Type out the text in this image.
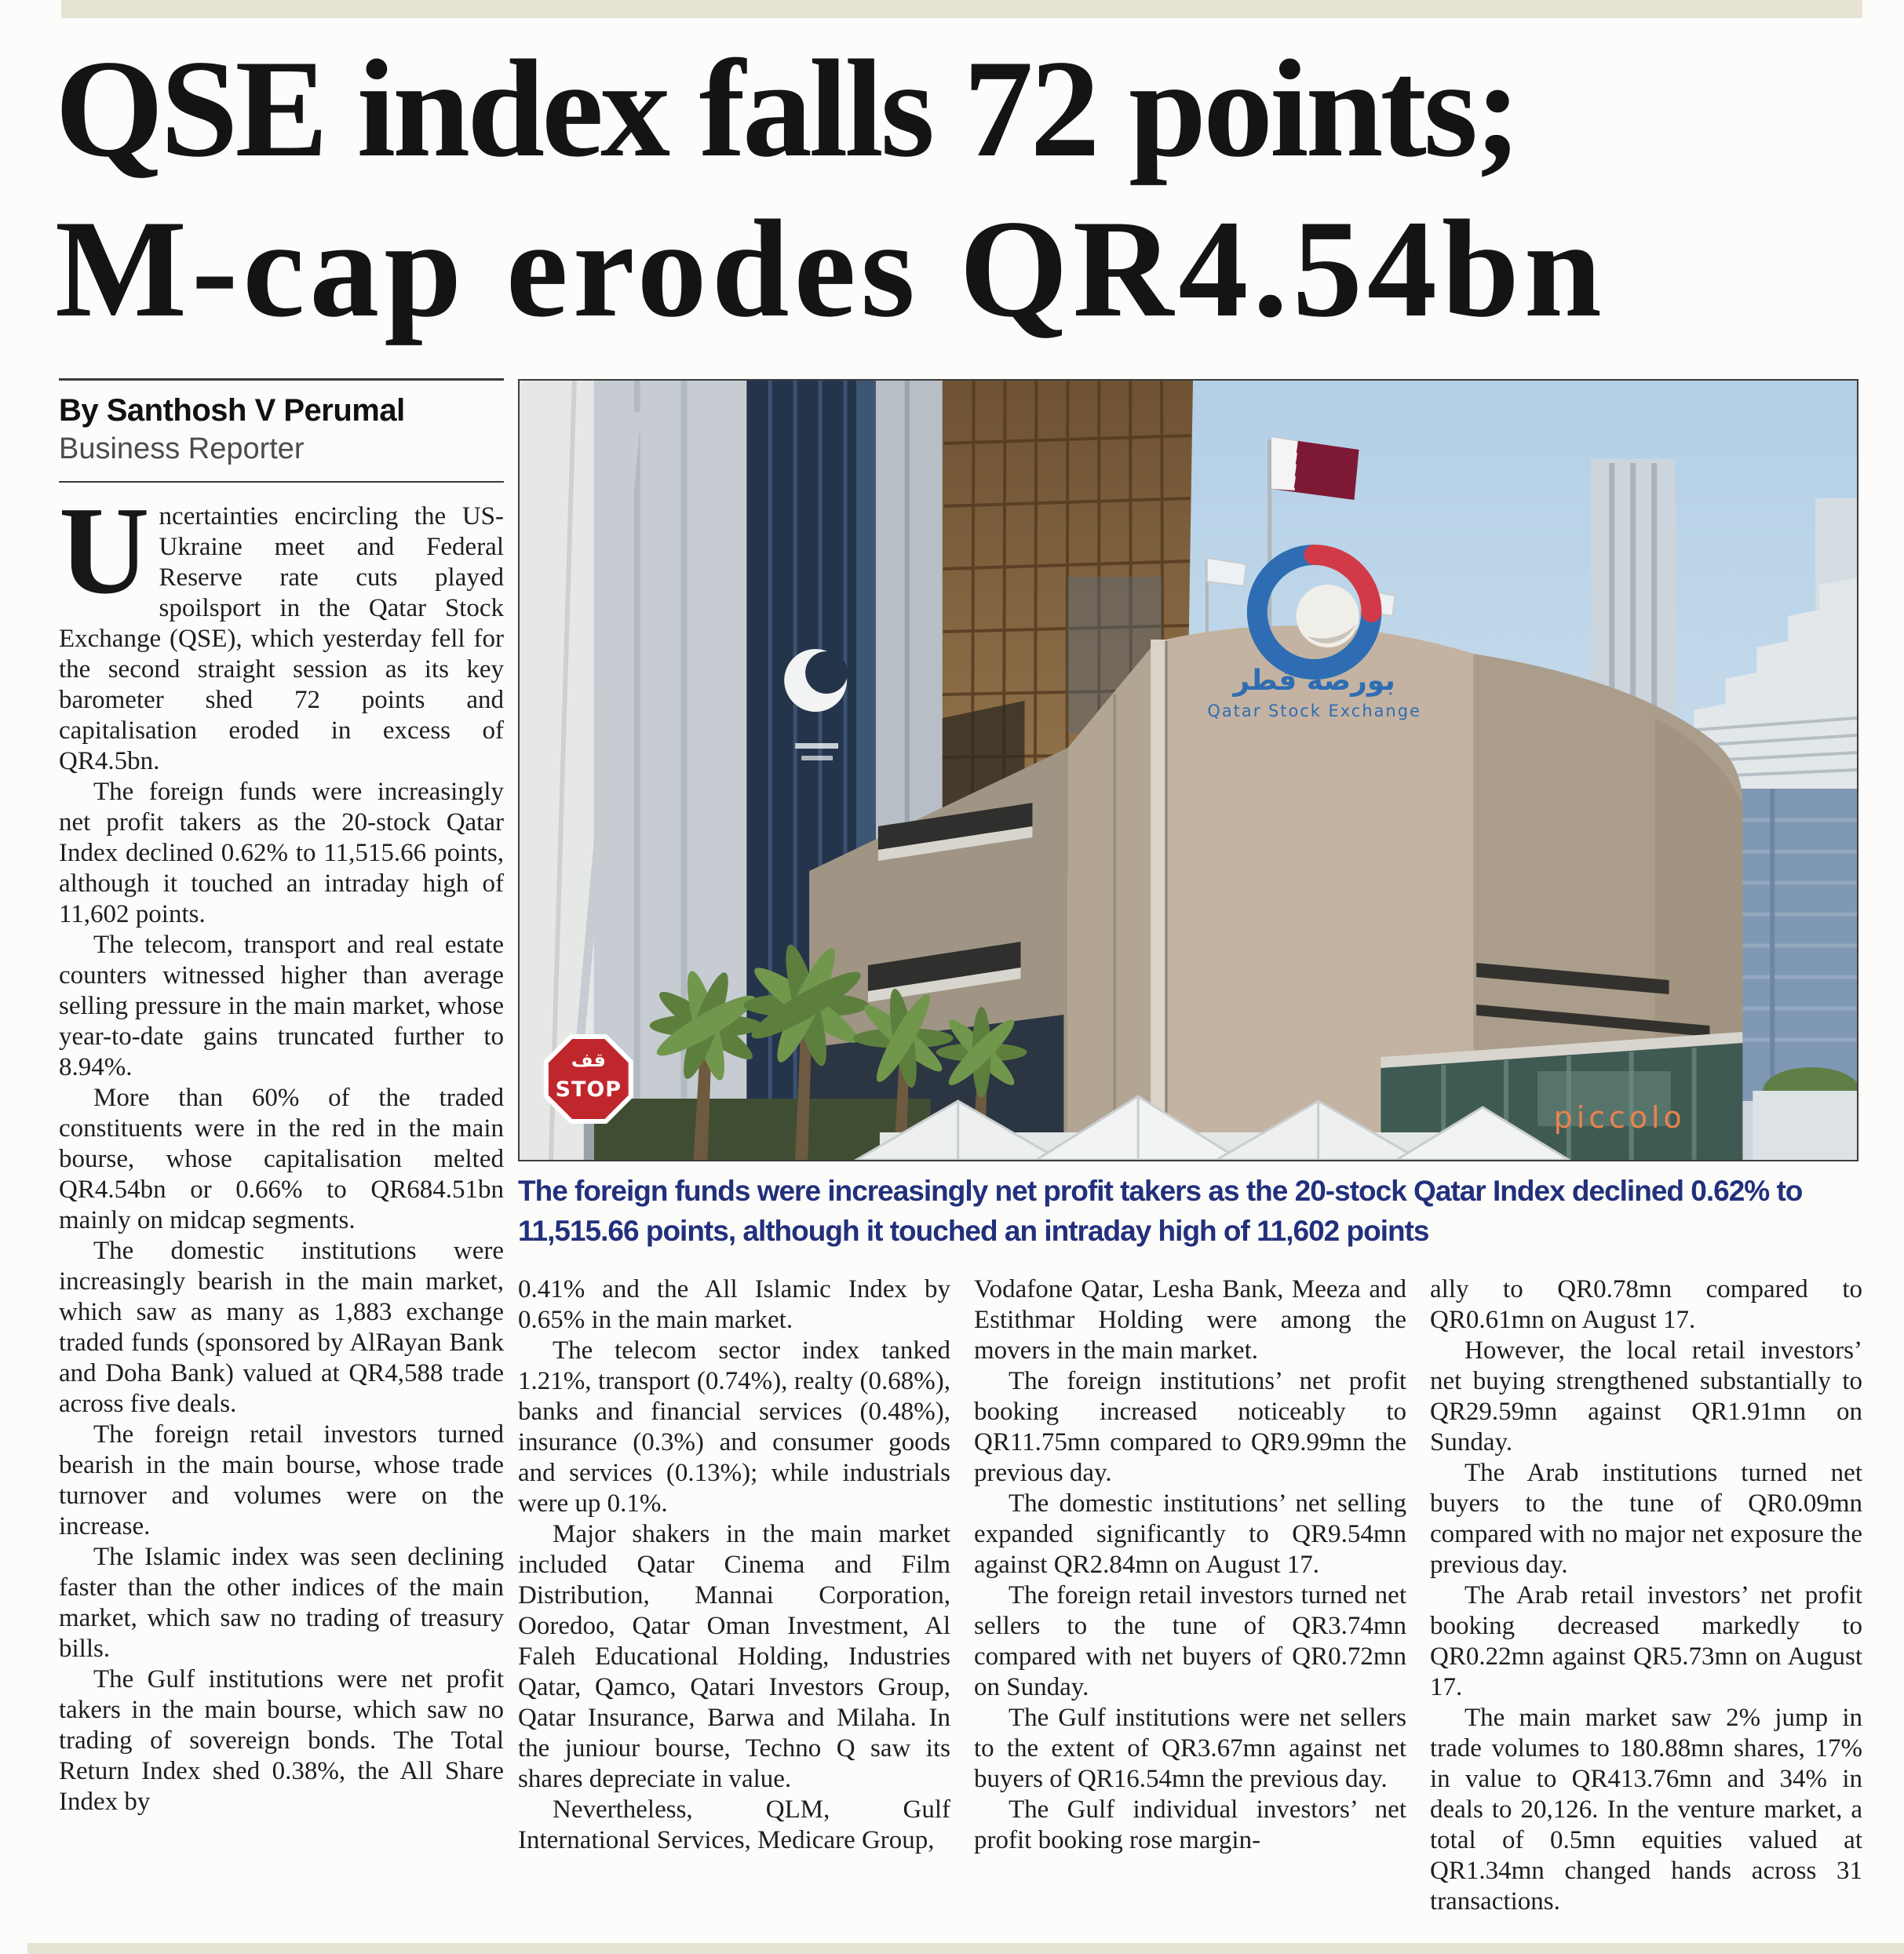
QSE index falls 72 points;
M-cap erodes QR4.54bn
By Santhosh V Perumal
Business Reporter

Uncertainties encircling the US-Ukraine meet and Federal Reserve rate cuts played spoilsport in the Qatar Stock Exchange (QSE), which yesterday fell for the second straight session as its key barometer shed 72 points and capitalisation eroded in excess of QR4.5bn.

The foreign funds were increasingly net profit takers as the 20-stock Qatar Index declined 0.62% to 11,515.66 points, although it touched an intraday high of 11,602 points.

The telecom, transport and real estate counters witnessed higher than average selling pressure in the main market, whose year-to-date gains truncated further to 8.94%.

More than 60% of the traded constituents were in the red in the main bourse, whose capitalisation melted QR4.54bn or 0.66% to QR684.51bn mainly on midcap segments.

The domestic institutions were increasingly bearish in the main market, which saw as many as 1,883 exchange traded funds (sponsored by AlRayan Bank and Doha Bank) valued at QR4,588 trade across five deals.

The foreign retail investors turned bearish in the main bourse, whose trade turnover and volumes were on the increase.

The Islamic index was seen declining faster than the other indices of the main market, which saw no trading of treasury bills.

The Gulf institutions were net profit takers in the main bourse, which saw no trading of sovereign bonds. The Total Return Index shed 0.38%, the All Share Index by

بورصة قطر
Qatar Stock Exchange
piccolo
قف
STOP
The foreign funds were increasingly net profit takers as the 20-stock Qatar Index declined 0.62% to 11,515.66 points, although it touched an intraday high of 11,602 points

0.41% and the All Islamic Index by 0.65% in the main market.

The telecom sector index tanked 1.21%, transport (0.74%), realty (0.68%), banks and financial services (0.48%), insurance (0.3%) and consumer goods and services (0.13%); while industrials were up 0.1%.

Major shakers in the main market included Qatar Cinema and Film Distribution, Mannai Corporation, Ooredoo, Qatar Oman Investment, Al Faleh Educational Holding, Industries Qatar, Qamco, Qatari Investors Group, Qatar Insurance, Barwa and Milaha. In the juniour bourse, Techno Q saw its shares depreciate in value.

Nevertheless, QLM, Gulf International Services, Medicare Group,

Vodafone Qatar, Lesha Bank, Meeza and Estithmar Holding were among the movers in the main market.

The foreign institutions’ net profit booking increased noticeably to QR11.75mn compared to QR9.99mn the previous day.

The domestic institutions’ net selling expanded significantly to QR9.54mn against QR2.84mn on August 17.

The foreign retail investors turned net sellers to the tune of QR3.74mn compared with net buyers of QR0.72mn on Sunday.

The Gulf institutions were net sellers to the extent of QR3.67mn against net buyers of QR16.54mn the previous day.

The Gulf individual investors’ net profit booking rose margin-

ally to QR0.78mn compared to QR0.61mn on August 17.

However, the local retail investors’ net buying strengthened substantially to QR29.59mn against QR1.91mn on Sunday.

The Arab institutions turned net buyers to the tune of QR0.09mn compared with no major net exposure the previous day.

The Arab retail investors’ net profit booking decreased markedly to QR0.22mn against QR5.73mn on August 17.

The main market saw 2% jump in trade volumes to 180.88mn shares, 17% in value to QR413.76mn and 34% in deals to 20,126. In the venture market, a total of 0.5mn equities valued at QR1.34mn changed hands across 31 transactions.
